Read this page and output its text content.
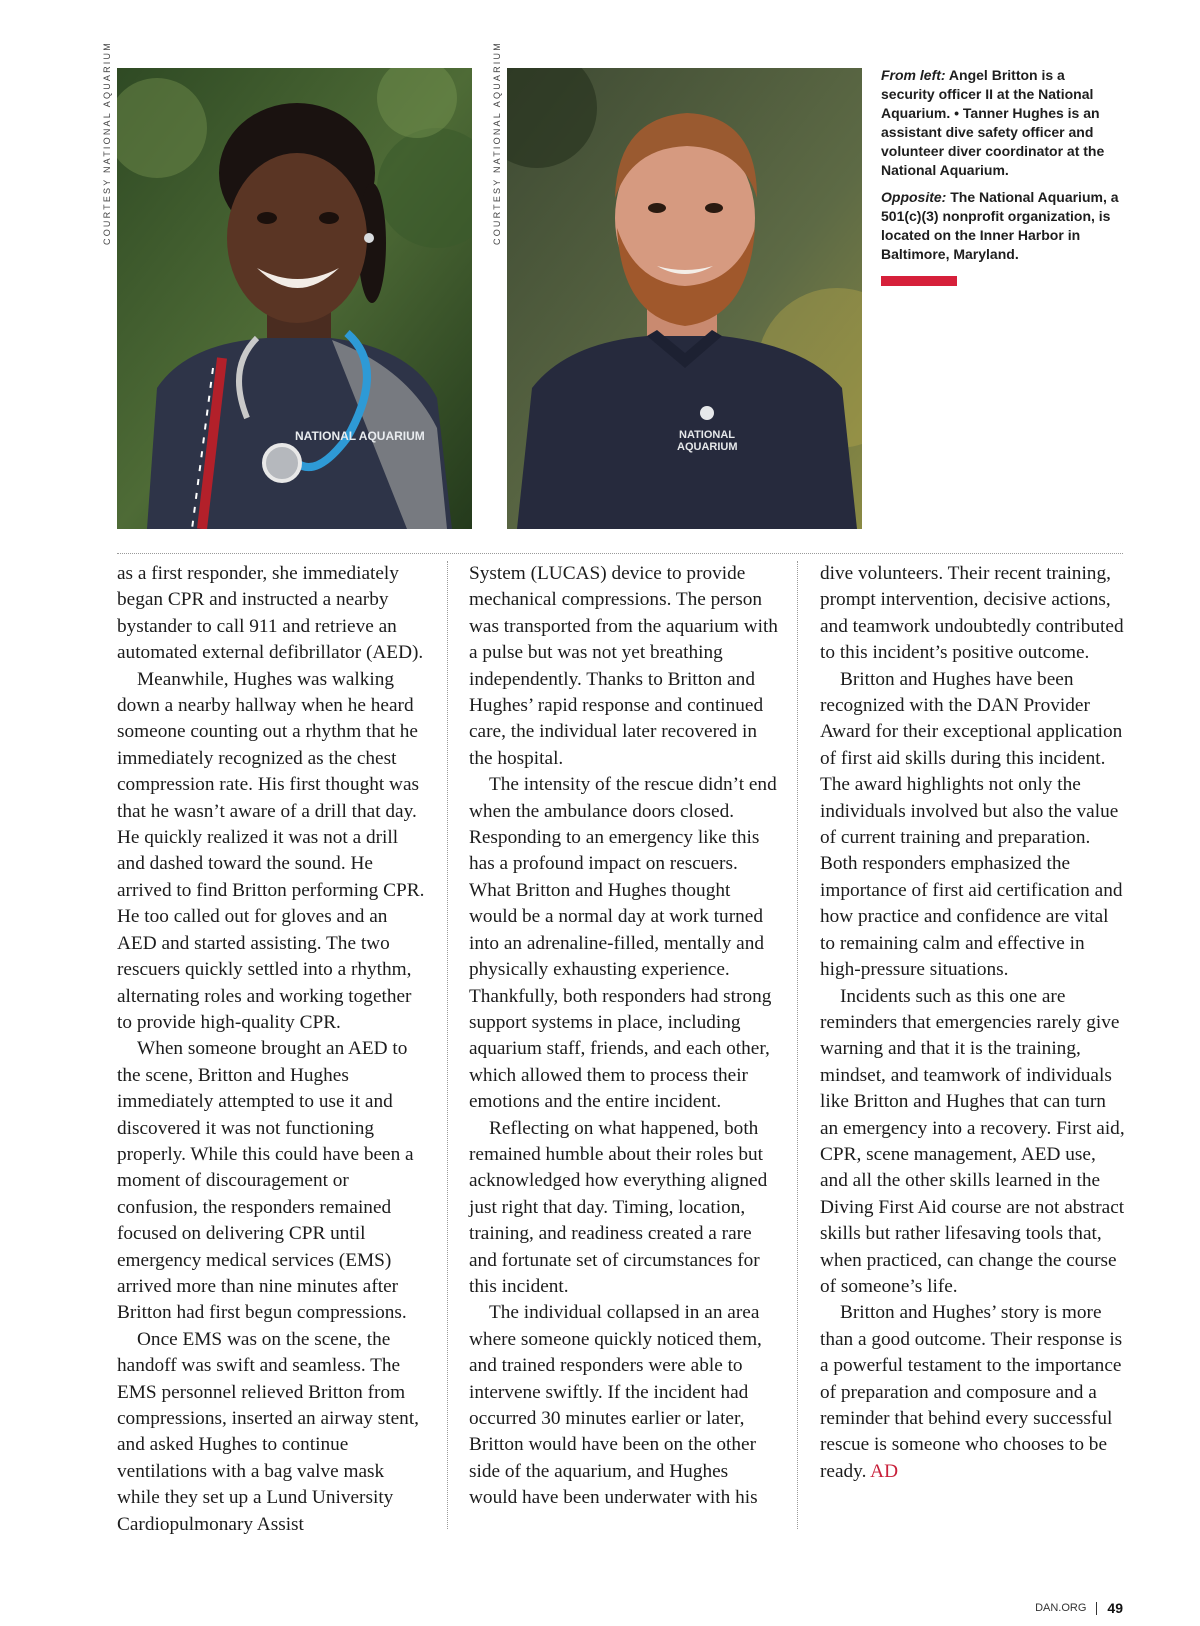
COURTESY NATIONAL AQUARIUM	COURTESY NATIONAL AQUARIUM
NATIONAL AQUARIUM	NATIONAL
AQUARIUM

From left: Angel Britton is a security officer II at the National Aquarium. • Tanner Hughes is an assistant dive safety officer and volunteer diver coordinator at the National Aquarium.

Opposite: The National Aquarium, a 501(c)(3) nonprofit organization, is located on the Inner Harbor in Baltimore, Maryland.

as a first responder, she immediately began CPR and instructed a nearby bystander to call 911 and retrieve an automated external defibrillator (AED).

Meanwhile, Hughes was walking down a nearby hallway when he heard someone counting out a rhythm that he immediately recognized as the chest compression rate. His first thought was that he wasn’t aware of a drill that day. He quickly realized it was not a drill and dashed toward the sound. He arrived to find Britton performing CPR. He too called out for gloves and an AED and started assisting. The two rescuers quickly settled into a rhythm, alternating roles and working together to provide high-quality CPR.

When someone brought an AED to the scene, Britton and Hughes immediately attempted to use it and discovered it was not functioning properly. While this could have been a moment of discouragement or confusion, the responders remained focused on delivering CPR until emergency medical services (EMS) arrived more than nine minutes after Britton had first begun compressions.

Once EMS was on the scene, the handoff was swift and seamless. The EMS personnel relieved Britton from compressions, inserted an airway stent, and asked Hughes to continue ventilations with a bag valve mask while they set up a Lund University Cardiopulmonary Assist

System (LUCAS) device to provide mechanical compressions. The person was transported from the aquarium with a pulse but was not yet breathing independently. Thanks to Britton and Hughes’ rapid response and continued care, the individual later recovered in the hospital.

The intensity of the rescue didn’t end when the ambulance doors closed. Responding to an emergency like this has a profound impact on rescuers. What Britton and Hughes thought would be a normal day at work turned into an adrenaline-filled, mentally and physically exhausting experience. Thankfully, both responders had strong support systems in place, including aquarium staff, friends, and each other, which allowed them to process their emotions and the entire incident.

Reflecting on what happened, both remained humble about their roles but acknowledged how everything aligned just right that day. Timing, location, training, and readiness created a rare and fortunate set of circumstances for this incident.

The individual collapsed in an area where someone quickly noticed them, and trained responders were able to intervene swiftly. If the incident had occurred 30 minutes earlier or later, Britton would have been on the other side of the aquarium, and Hughes would have been underwater with his

dive volunteers. Their recent training, prompt intervention, decisive actions, and teamwork undoubtedly contributed to this incident’s positive outcome.

Britton and Hughes have been recognized with the DAN Provider Award for their exceptional application of first aid skills during this incident. The award highlights not only the individuals involved but also the value of current training and preparation. Both responders emphasized the importance of first aid certification and how practice and confidence are vital to remaining calm and effective in high-pressure situations.

Incidents such as this one are reminders that emergencies rarely give warning and that it is the training, mindset, and teamwork of individuals like Britton and Hughes that can turn an emergency into a recovery. First aid, CPR, scene management, AED use, and all the other skills learned in the Diving First Aid course are not abstract skills but rather lifesaving tools that, when practiced, can change the course of someone’s life.

Britton and Hughes’ story is more than a good outcome. Their response is a powerful testament to the importance of preparation and composure and a reminder that behind every successful rescue is someone who chooses to be ready. AD

DAN.ORG 49
